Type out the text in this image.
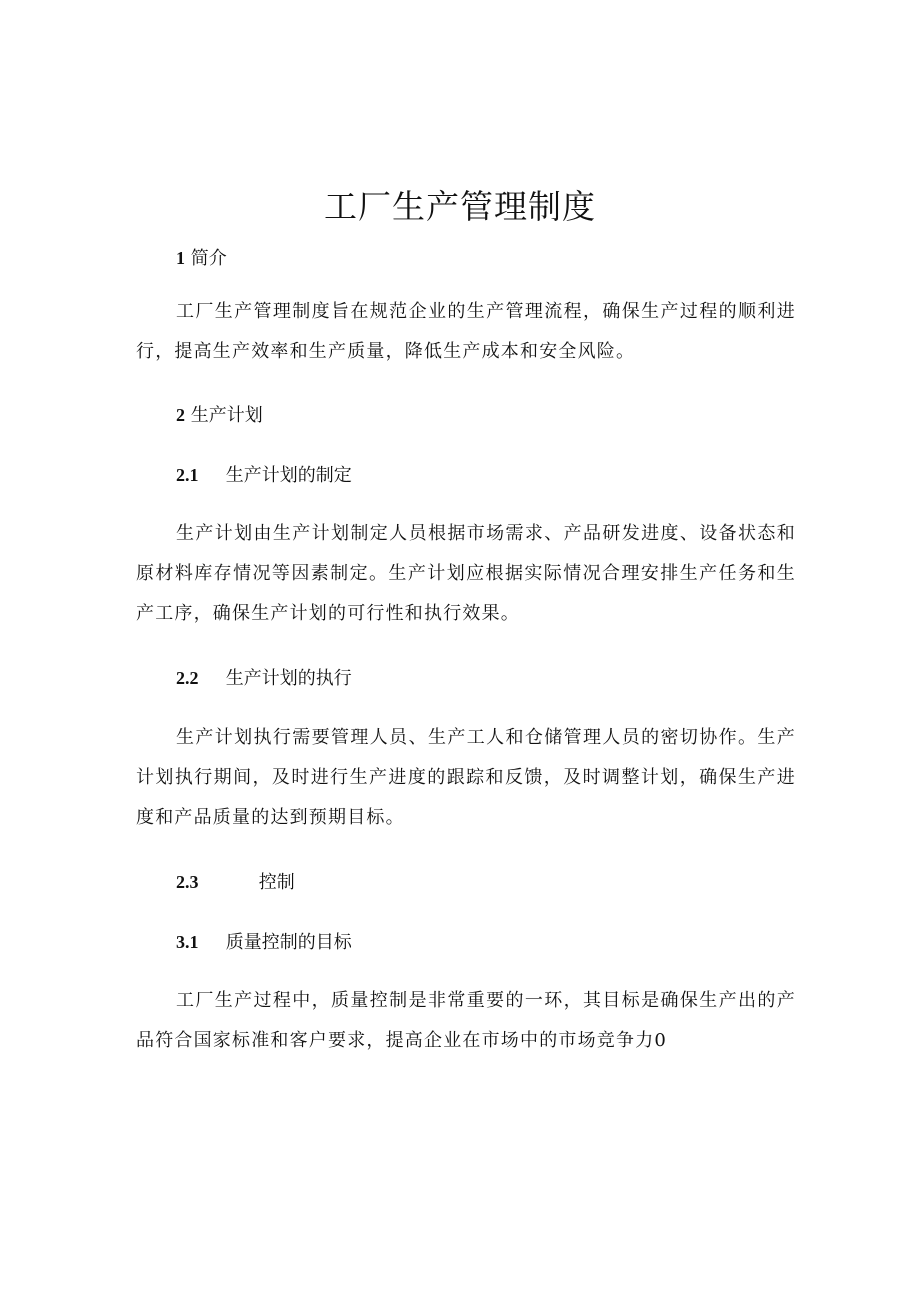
工厂生产管理制度
1 简介

工厂生产管理制度旨在规范企业的生产管理流程，确保生产过程的顺利进行，提高生产效率和生产质量，降低生产成本和安全风险。

2 生产计划
2.1 生产计划的制定

生产计划由生产计划制定人员根据市场需求、产品研发进度、设备状态和原材料库存情况等因素制定。生产计划应根据实际情况合理安排生产任务和生产工序，确保生产计划的可行性和执行效果。

2.2 生产计划的执行

生产计划执行需要管理人员、生产工人和仓储管理人员的密切协作。生产计划执行期间，及时进行生产进度的跟踪和反馈，及时调整计划，确保生产进度和产品质量的达到预期目标。

2.3	控制
3.1 质量控制的目标

工厂生产过程中，质量控制是非常重要的一环，其目标是确保生产出的产品符合国家标准和客户要求，提高企业在市场中的市场竞争力0
